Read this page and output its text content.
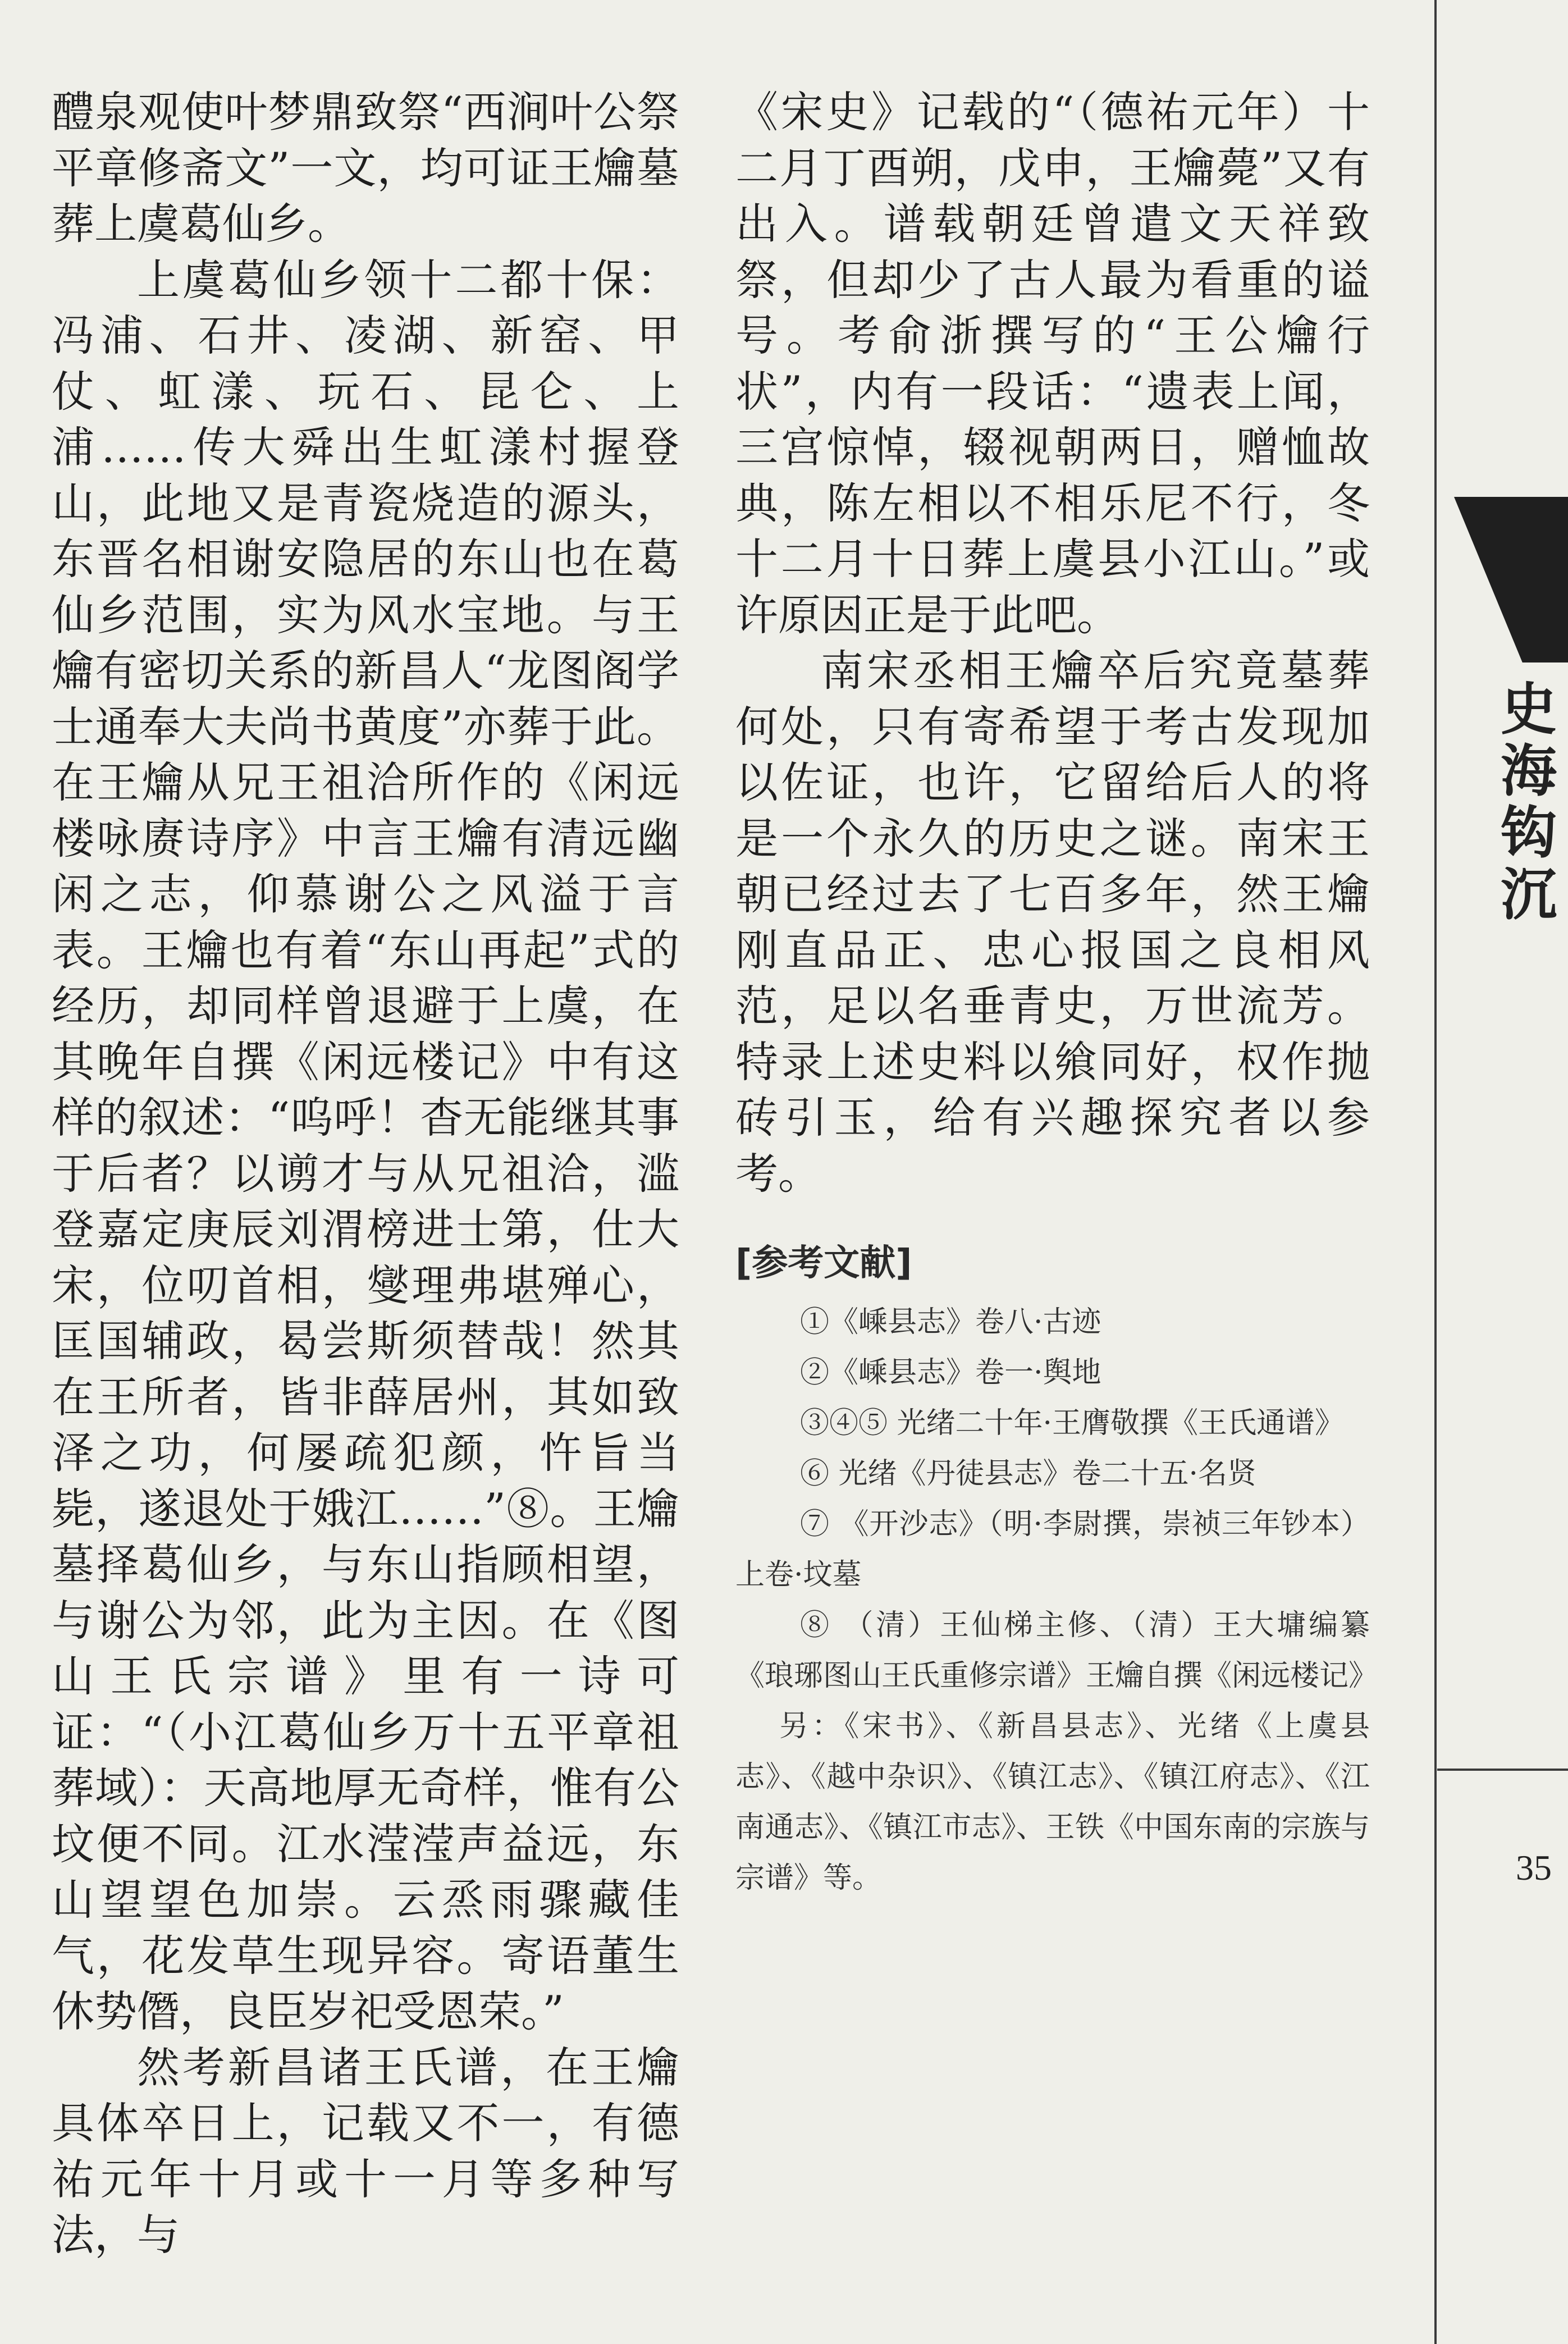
醴泉观使叶梦鼎致祭“西涧叶公祭平章修斋文”一文，均可证王爚墓葬上虞葛仙乡。

上虞葛仙乡领十二都十保：冯浦、石井、凌湖、新窑、甲仗、虹漾、玩石、昆仑、上浦……传大舜出生虹漾村握登山，此地又是青瓷烧造的源头，东晋名相谢安隐居的东山也在葛仙乡范围，实为风水宝地。与王爚有密切关系的新昌人“龙图阁学士通奉大夫尚书黄度”亦葬于此。在王爚从兄王祖洽所作的《闲远楼咏赓诗序》中言王爚有清远幽闲之志，仰慕谢公之风溢于言表。王爚也有着“东山再起”式的经历，却同样曾退避于上虞，在其晚年自撰《闲远楼记》中有这样的叙述：“呜呼！杳无能继其事于后者？以谫才与从兄祖洽，滥登嘉定庚辰刘渭榜进士第，仕大宋，位叨首相，燮理弗堪殚心，匡国辅政，曷尝斯须替哉！然其在王所者，皆非薛居州，其如致泽之功，何屡疏犯颜，忤旨当毙，遂退处于娥江……”⑧。王爚墓择葛仙乡，与东山指顾相望，与谢公为邻，此为主因。在《图山王氏宗谱》里有一诗可证：“（小江葛仙乡万十五平章祖葬域）：天高地厚无奇样，惟有公坟便不同。江水滢滢声益远，东山望望色加崇。云烝雨骤藏佳气，花发草生现异容。寄语董生休势僭，良臣岁祀受恩荣。”

然考新昌诸王氏谱，在王爚具体卒日上，记载又不一，有德祐元年十月或十一月等多种写法，与

《宋史》记载的“（德祐元年）十二月丁酉朔，戊申，王爚薨”又有出入。谱载朝廷曾遣文天祥致祭，但却少了古人最为看重的谥号。考俞浙撰写的“王公爚行状”，内有一段话：“遗表上闻，三宫惊悼，辍视朝两日，赠恤故典，陈左相以不相乐尼不行，冬十二月十日葬上虞县小江山。”或许原因正是于此吧。

南宋丞相王爚卒后究竟墓葬何处，只有寄希望于考古发现加以佐证，也许，它留给后人的将是一个永久的历史之谜。南宋王朝已经过去了七百多年，然王爚刚直品正、忠心报国之良相风范，足以名垂青史，万世流芳。特录上述史料以飨同好，权作抛砖引玉，给有兴趣探究者以参考。

[参考文献]

①《嵊县志》卷八·古迹

②《嵊县志》卷一·舆地

③④⑤ 光绪二十年·王膺敬撰《王氏通谱》

⑥ 光绪《丹徒县志》卷二十五·名贤

⑦ 《开沙志》（明·李尉撰，崇祯三年钞本）上卷·坟墓

⑧ （清）王仙梯主修、（清）王大墉编纂《琅琊图山王氏重修宗谱》王爚自撰《闲远楼记》

另：《宋书》、《新昌县志》、光绪《上虞县志》、《越中杂识》、《镇江志》、《镇江府志》、《江南通志》、《镇江市志》、王铁《中国东南的宗族与宗谱》等。

史海钩沉
35
